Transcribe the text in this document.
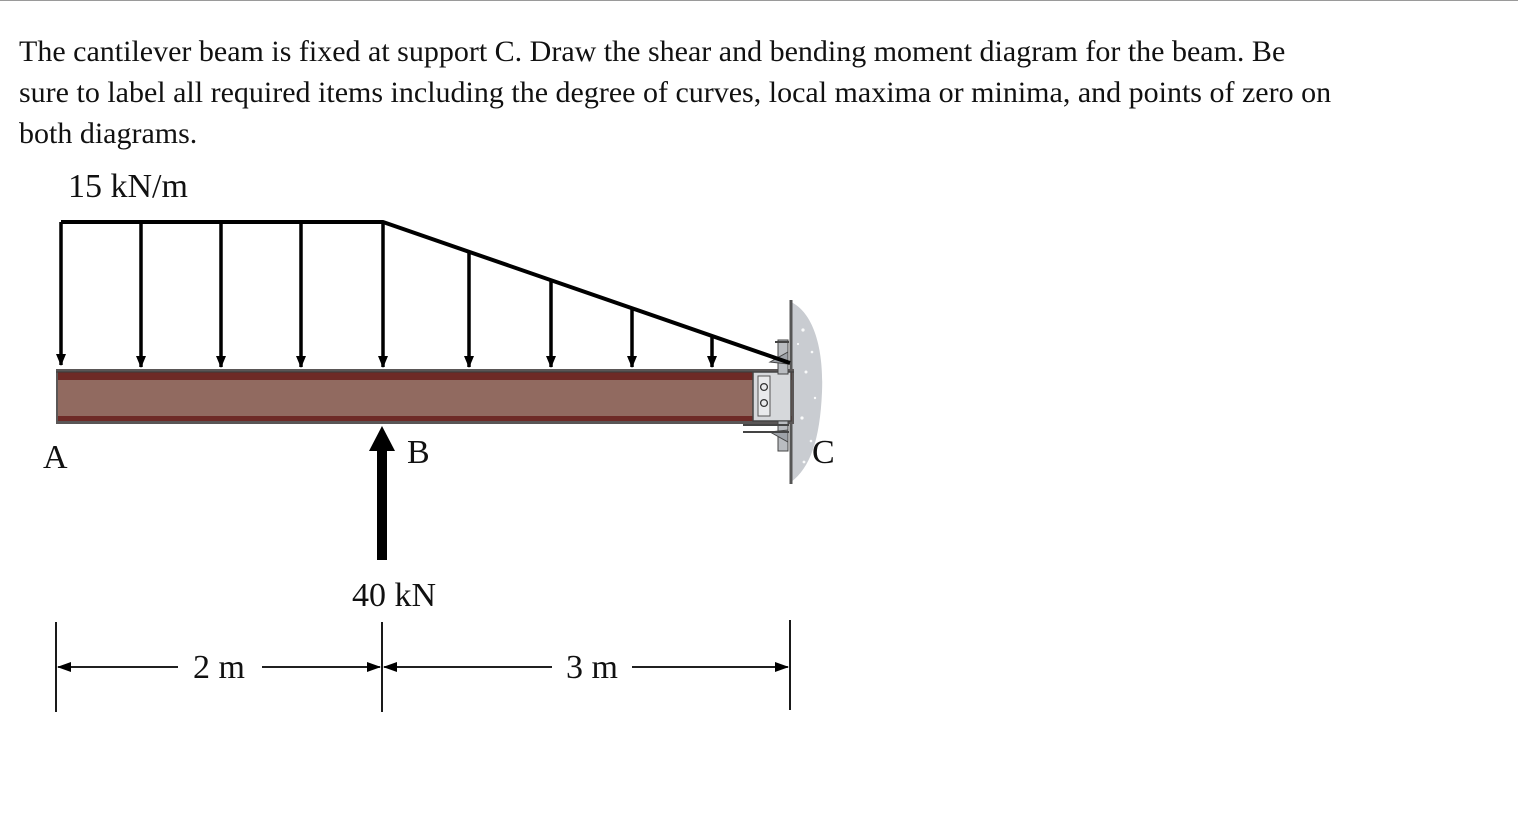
The cantilever beam is fixed at support C. Draw the shear and bending moment diagram for the beam. Be sure to label all required items including the degree of curves, local maxima or minima, and points of zero on both diagrams.

15 kN/m
40 kN
A	B	C
2 m	3 m
